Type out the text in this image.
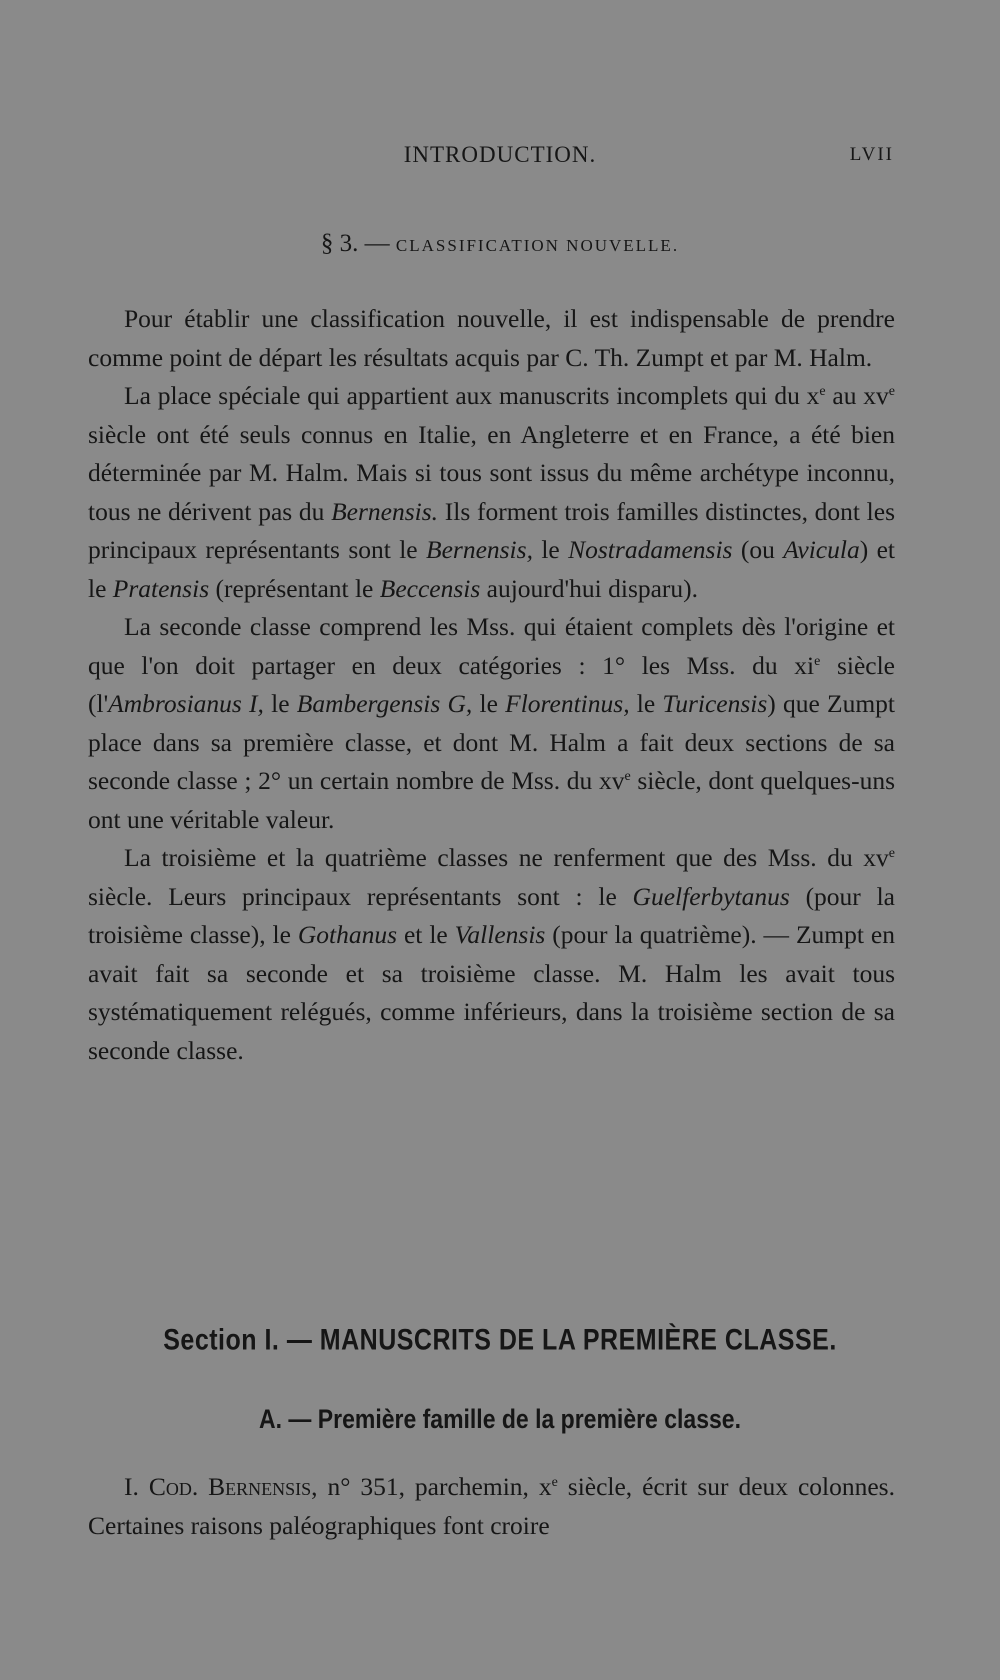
INTRODUCTION.	LVII
§ 3. — CLASSIFICATION NOUVELLE.

Pour établir une classification nouvelle, il est indispensable de prendre comme point de départ les résultats acquis par C. Th. Zumpt et par M. Halm.

La place spéciale qui appartient aux manuscrits incomplets qui du $x^e$ au $xv^e$ siècle ont été seuls connus en Italie, en Angleterre et en France, a été bien déterminée par M. Halm. Mais si tous sont issus du même archétype inconnu, tous ne dérivent pas du Bernensis. Ils forment trois familles distinctes, dont les principaux représentants sont le Bernensis, le Nostradamensis (ou Avicula) et le Pratensis (représentant le Beccensis aujourd'hui disparu).

La seconde classe comprend les Mss. qui étaient complets dès l'origine et que l'on doit partager en deux catégories : 1° les Mss. du $xi^e$ siècle (l'Ambrosianus I, le Bambergensis G, le Florentinus, le Turicensis) que Zumpt place dans sa première classe, et dont M. Halm a fait deux sections de sa seconde classe ; 2° un certain nombre de Mss. du $xv^e$ siècle, dont quelques-uns ont une véritable valeur.

La troisième et la quatrième classes ne renferment que des Mss. du $xv^e$ siècle. Leurs principaux représentants sont : le Guelferbytanus (pour la troisième classe), le Gothanus et le Vallensis (pour la quatrième). — Zumpt en avait fait sa seconde et sa troisième classe. M. Halm les avait tous systématiquement relégués, comme inférieurs, dans la troisième section de sa seconde classe.

Section I. — MANUSCRITS DE LA PREMIÈRE CLASSE.
A. — Première famille de la première classe.

I. Cod. Bernensis, n° 351, parchemin, $x^e$ siècle, écrit sur deux colonnes. Certaines raisons paléographiques font croire
